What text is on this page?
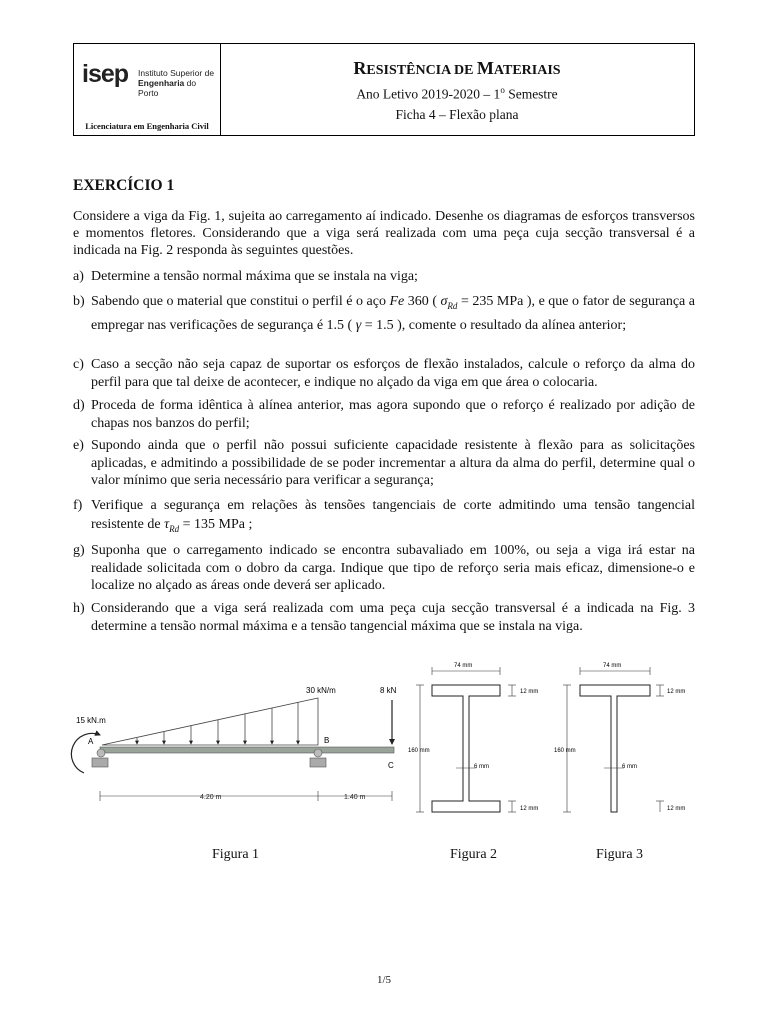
isep Instituto Superior de
Engenharia do Porto
Licenciatura em Engenharia Civil
RESISTÊNCIA DE MATERIAIS
Ano Letivo 2019-2020 – 1$^o$ Semestre
Ficha 4 – Flexão plana
EXERCÍCIO 1
Considere a viga da Fig. 1, sujeita ao carregamento aí indicado. Desenhe os diagramas de esforços transversos e momentos fletores. Considerando que a viga será realizada com uma peça cuja secção transversal é a indicada na Fig. 2 responda às seguintes questões.
a) Determine a tensão normal máxima que se instala na viga;
b) Sabendo que o material que constitui o perfil é o aço Fe 360 ( $\sigma_{Rd} = 235$ MPa ), e que o fator de segurança a empregar nas verificações de segurança é 1.5 ( γ = 1.5 ), comente o resultado da alínea anterior;
c) Caso a secção não seja capaz de suportar os esforços de flexão instalados, calcule o reforço da alma do perfil para que tal deixe de acontecer, e indique no alçado da viga em que área o colocaria.
d) Proceda de forma idêntica à alínea anterior, mas agora supondo que o reforço é realizado por adição de chapas nos banzos do perfil;
e) Supondo ainda que o perfil não possui suficiente capacidade resistente à flexão para as solicitações aplicadas, e admitindo a possibilidade de se poder incrementar a altura da alma do perfil, determine qual o valor mínimo que seria necessário para verificar a segurança;
f) Verifique a segurança em relações às tensões tangenciais de corte admitindo uma tensão tangencial resistente de $\tau_{Rd} = 135$ MPa ;
g) Suponha que o carregamento indicado se encontra subavaliado em 100%, ou seja a viga irá estar na realidade solicitada com o dobro da carga. Indique que tipo de reforço seria mais eficaz, dimensione-o e localize no alçado as áreas onde deverá ser aplicado.
h) Considerando que a viga será realizada com uma peça cuja secção transversal é a indicada na Fig. 3 determine a tensão normal máxima e a tensão tangencial máxima que se instala na viga.
15 kN.m
30 kN/m	8 kN
A	B
C
4.20 m	1.40 m
74 mm
12 mm
160 mm
6 mm
12 mm
74 mm
12 mm
160 mm
6 mm
12 mm
Figura 1	Figura 2	Figura 3
1/5
